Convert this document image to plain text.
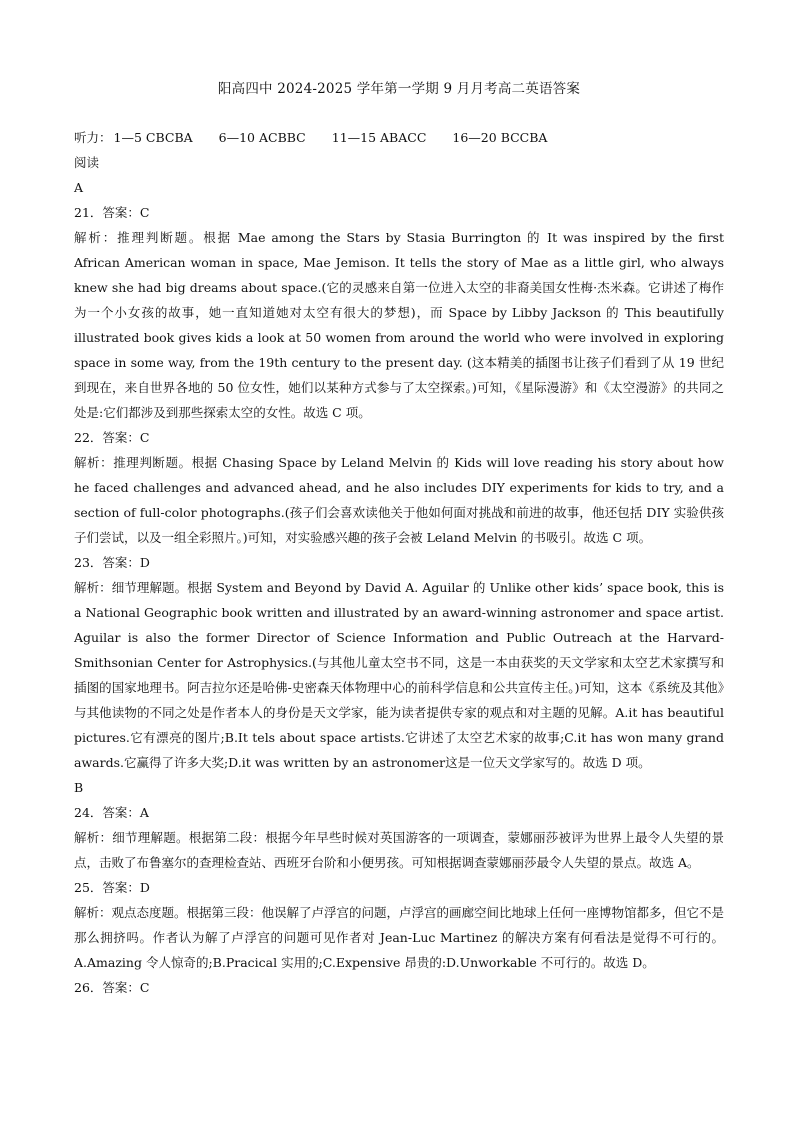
阳高四中 2024-2025 学年第一学期 9 月月考高二英语答案
听力： 1—5 CBCBA 6—10 ACBBC 11—15 ABACC 16—20 BCCBA

阅读

A

21．答案：C

解析：推理判断题。根据 Mae among the Stars by Stasia Burrington 的 It was inspired by the first African American woman in space, Mae Jemison. It tells the story of Mae as a little girl, who always knew she had big dreams about space.(它的灵感来自第一位进入太空的非裔美国女性梅·杰米森。它讲述了梅作为一个小女孩的故事，她一直知道她对太空有很大的梦想)，而 Space by Libby Jackson 的 This beautifully illustrated book gives kids a look at 50 women from around the world who were involved in exploring space in some way, from the 19th century to the present day. (这本精美的插图书让孩子们看到了从 19 世纪到现在，来自世界各地的 50 位女性，她们以某种方式参与了太空探索。)可知，《星际漫游》和《太空漫游》的共同之处是:它们都涉及到那些探索太空的女性。故选 C 项。

22．答案：C

解析：推理判断题。根据 Chasing Space by Leland Melvin 的 Kids will love reading his story about how he faced challenges and advanced ahead, and he also includes DIY experiments for kids to try, and a section of full-color photographs.(孩子们会喜欢读他关于他如何面对挑战和前进的故事，他还包括 DIY 实验供孩子们尝试，以及一组全彩照片。)可知，对实验感兴趣的孩子会被 Leland Melvin 的书吸引。故选 C 项。

23．答案：D

解析：细节理解题。根据 System and Beyond by David A. Aguilar 的 Unlike other kids’ space book, this is a National Geographic book written and illustrated by an award-winning astronomer and space artist. Aguilar is also the former Director of Science Information and Public Outreach at the Harvard-Smithsonian Center for Astrophysics.(与其他儿童太空书不同，这是一本由获奖的天文学家和太空艺术家撰写和插图的国家地理书。阿吉拉尔还是哈佛-史密森天体物理中心的前科学信息和公共宣传主任。)可知，这本《系统及其他》与其他读物的不同之处是作者本人的身份是天文学家，能为读者提供专家的观点和对主题的见解。A.it has beautiful pictures.它有漂亮的图片;B.It tels about space artists.它讲述了太空艺术家的故事;C.it has won many grand awards.它赢得了许多大奖;D.it was written by an astronomer这是一位天文学家写的。故选 D 项。

B

24．答案：A

解析：细节理解题。根据第二段：根据今年早些时候对英国游客的一项调查，蒙娜丽莎被评为世界上最令人失望的景点，击败了布鲁塞尔的查理检查站、西班牙台阶和小便男孩。可知根据调查蒙娜丽莎最令人失望的景点。故选 A。

25．答案：D

解析：观点态度题。根据第三段：他误解了卢浮宫的问题，卢浮宫的画廊空间比地球上任何一座博物馆都多，但它不是那么拥挤吗。作者认为解了卢浮宫的问题可见作者对 Jean-Luc Martinez 的解决方案有何看法是觉得不可行的。A.Amazing 令人惊奇的;B.Pracical 实用的;C.Expensive 昂贵的:D.Unworkable 不可行的。故选 D。

26．答案：C
